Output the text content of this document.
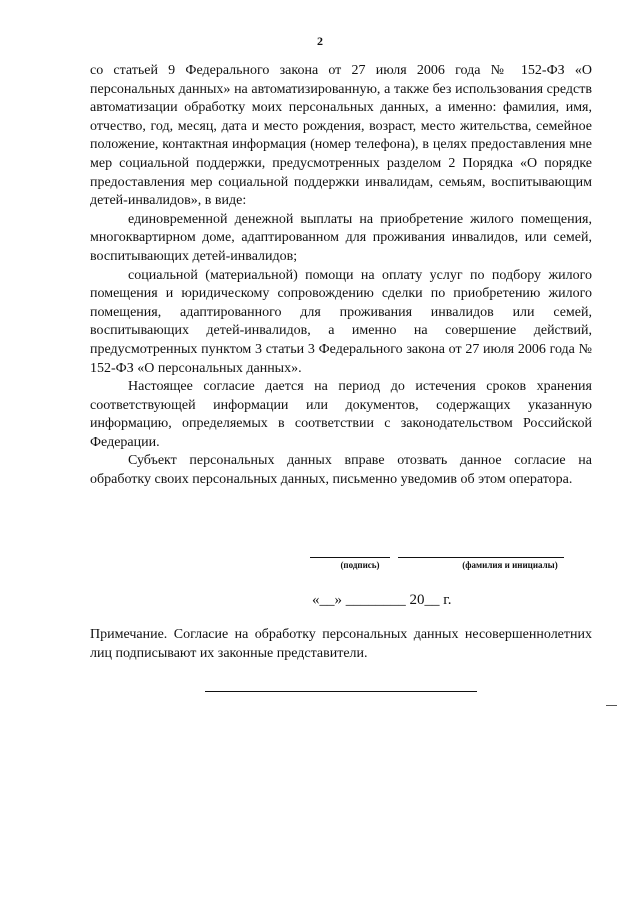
2

со статьей 9 Федерального закона от 27 июля 2006 года № 152-ФЗ «О персональных данных» на автоматизированную, а также без использования средств автоматизации обработку моих персональных данных, а именно: фамилия, имя, отчество, год, месяц, дата и место рождения, возраст, место жительства, семейное положение, контактная информация (номер телефона), в целях предоставления мне мер социальной поддержки, предусмотренных разделом 2 Порядка «О порядке предоставления мер социальной поддержки инвалидам, семьям, воспитывающим детей-инвалидов», в виде:

единовременной денежной выплаты на приобретение жилого помещения, многоквартирном доме, адаптированном для проживания инвалидов, или семей, воспитывающих детей-инвалидов;

социальной (материальной) помощи на оплату услуг по подбору жилого помещения и юридическому сопровождению сделки по приобретению жилого помещения, адаптированного для проживания инвалидов или семей, воспитывающих детей-инвалидов, а именно на совершение действий, предусмотренных пунктом 3 статьи 3 Федерального закона от 27 июля 2006 года № 152-ФЗ «О персональных данных».

Настоящее согласие дается на период до истечения сроков хранения соответствующей информации или документов, содержащих указанную информацию, определяемых в соответствии с законодательством Российской Федерации.

Субъект персональных данных вправе отозвать данное согласие на обработку своих персональных данных, письменно уведомив об этом оператора.

(подпись)	(фамилия и инициалы)
«__» ________ 20__ г.

Примечание. Согласие на обработку персональных данных несовершеннолетних лиц подписывают их законные представители.
